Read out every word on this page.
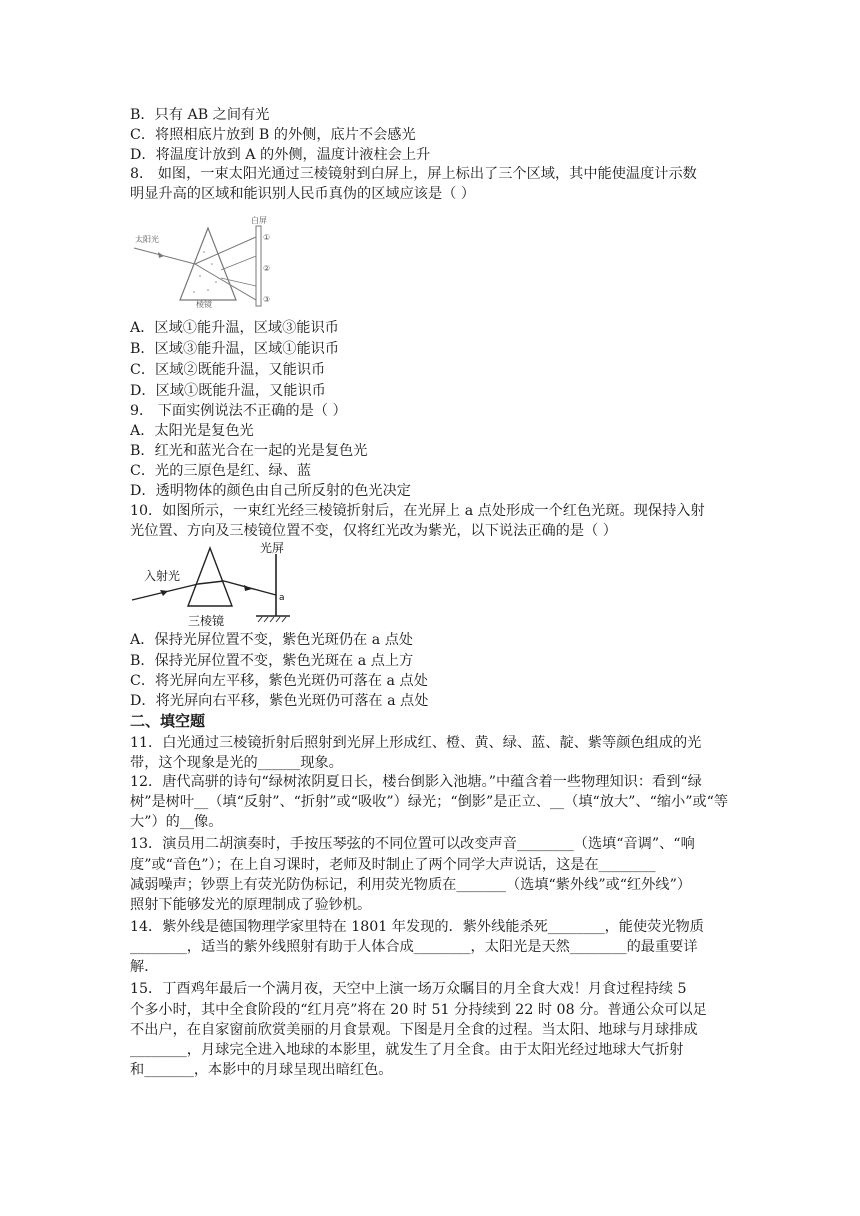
B．只有 AB 之间有光
C．将照相底片放到 B 的外侧，底片不会感光
D．将温度计放到 A 的外侧，温度计液柱会上升
8． 如图，一束太阳光通过三棱镜射到白屏上，屏上标出了三个区域，其中能使温度计示数
明显升高的区域和能识别人民币真伪的区域应该是（ ）
白屏
太阳光
棱镜
①
②
③
A．区域①能升温，区域③能识币
B．区域③能升温，区域①能识币
C．区域②既能升温，又能识币
D．区域①既能升温，又能识币
9． 下面实例说法不正确的是（ ）
A．太阳光是复色光
B．红光和蓝光合在一起的光是复色光
C．光的三原色是红、绿、蓝
D．透明物体的颜色由自己所反射的色光决定
10．如图所示，一束红光经三棱镜折射后，在光屏上 a 点处形成一个红色光斑。现保持入射
光位置、方向及三棱镜位置不变，仅将红光改为紫光，以下说法正确的是（ ）
光屏
入射光
三棱镜
a
A．保持光屏位置不变，紫色光斑仍在 a 点处
B．保持光屏位置不变，紫色光斑在 a 点上方
C．将光屏向左平移，紫色光斑仍可落在 a 点处
D．将光屏向右平移，紫色光斑仍可落在 a 点处
二、填空题
11．白光通过三棱镜折射后照射到光屏上形成红、橙、黄、绿、蓝、靛、紫等颜色组成的光
带，这个现象是光的______现象。
12．唐代高骈的诗句“绿树浓阴夏日长，楼台倒影入池塘。”中蕴含着一些物理知识：看到“绿
树”是树叶__（填“反射”、“折射”或“吸收”）绿光；“倒影”是正立、__（填“放大”、“缩小”或“等
大”）的__像。
13．演员用二胡演奏时，手按压琴弦的不同位置可以改变声音________（选填“音调”、“响
度”或“音色”）；在上自习课时，老师及时制止了两个同学大声说话，这是在________
减弱噪声；钞票上有荧光防伪标记，利用荧光物质在_______（选填“紫外线”或“红外线”）
照射下能够发光的原理制成了验钞机。
14．紫外线是德国物理学家里特在 1801 年发现的．紫外线能杀死________，能使荧光物质
________，适当的紫外线照射有助于人体合成________，太阳光是天然________的最重要详
解．
15．丁酉鸡年最后一个满月夜，天空中上演一场万众瞩目的月全食大戏！月食过程持续 5
个多小时，其中全食阶段的“红月亮”将在 20 时 51 分持续到 22 时 08 分。普通公众可以足
不出户，在自家窗前欣赏美丽的月食景观。下图是月全食的过程。当太阳、地球与月球排成
________，月球完全进入地球的本影里，就发生了月全食。由于太阳光经过地球大气折射
和_______，本影中的月球呈现出暗红色。
